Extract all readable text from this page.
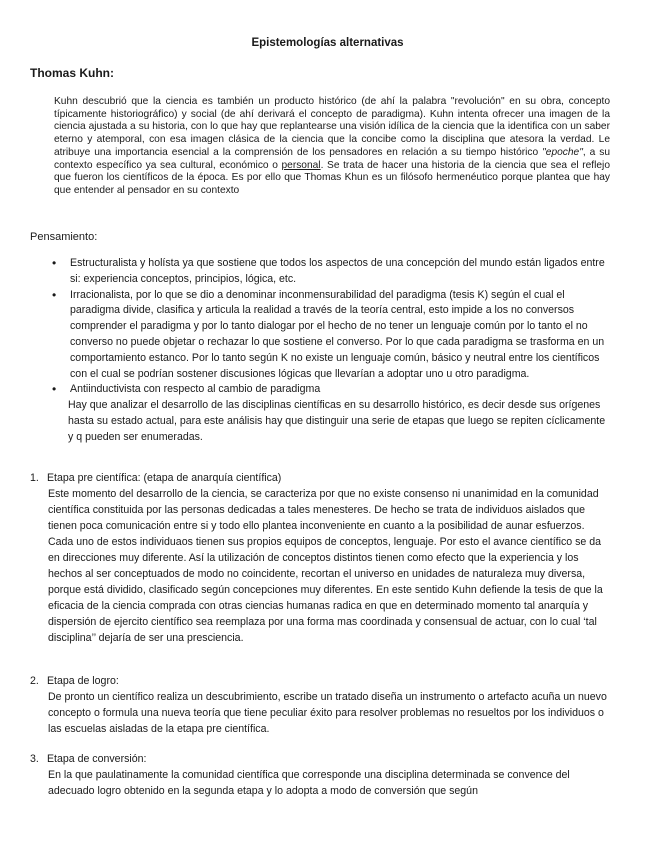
Epistemologías alternativas
Thomas Kuhn:
Kuhn descubrió que la ciencia es también un producto histórico (de ahí la palabra "revolución" en su obra, concepto típicamente historiográfico) y social (de ahí derivará el concepto de paradigma). Kuhn intenta ofrecer una imagen de la ciencia ajustada a su historia, con lo que hay que replantearse una visión idílica de la ciencia que la identifica con un saber eterno y atemporal, con esa imagen clásica de la ciencia que la concibe como la disciplina que atesora la verdad. Le atribuye una importancia esencial a la comprensión de los pensadores en relación a su tiempo histórico "epoche", a su contexto específico ya sea cultural, económico o personal. Se trata de hacer una historia de la ciencia que sea el reflejo que fueron los científicos de la época. Es por ello que Thomas Khun es un filósofo hermenéutico porque plantea que hay que entender al pensador en su contexto
Pensamiento:
• Estructuralista y holísta ya que sostiene que todos los aspectos de una concepción del mundo están ligados entre si: experiencia conceptos, principios, lógica, etc.
• Irracionalista, por lo que se dio a denominar inconmensurabilidad del paradigma (tesis K) según el cual el paradigma divide, clasifica y articula la realidad a través de la teoría central, esto impide a los no conversos comprender el paradigma y por lo tanto dialogar por el hecho de no tener un lenguaje común por lo tanto el no converso no puede objetar o rechazar lo que sostiene el converso. Por lo que cada paradigma se trasforma en un comportamiento estanco. Por lo tanto según K no existe un lenguaje común, básico y neutral entre los científicos con el cual se podrían sostener discusiones lógicas que llevarían a adoptar uno u otro paradigma.
• Antiinductivista con respecto al cambio de paradigma
Hay que analizar el desarrollo de las disciplinas científicas en su desarrollo histórico, es decir desde sus orígenes hasta su estado actual, para este análisis hay que distinguir una serie de etapas que luego se repiten cíclicamente y q pueden ser enumeradas.
1. Etapa pre científica: (etapa de anarquía científica)
Este momento del desarrollo de la ciencia, se caracteriza por que no existe consenso ni unanimidad en la comunidad científica constituida por las personas dedicadas a tales menesteres. De hecho se trata de individuos aislados que tienen poca comunicación entre si y todo ello plantea inconveniente en cuanto a la posibilidad de aunar esfuerzos. Cada uno de estos individuaos tienen sus propios equipos de conceptos, lenguaje. Por esto el avance científico se da en direcciones muy diferente. Así la utilización de conceptos distintos tienen como efecto que la experiencia y los hechos al ser conceptuados de modo no coincidente, recortan el universo en unidades de naturaleza muy diversa, porque está dividido, clasificado según concepciones muy diferentes. En este sentido Kuhn defiende la tesis de que la eficacia de la ciencia comprada con otras ciencias humanas radica en que en determinado momento tal anarquía y dispersión de ejercito científico sea reemplaza por una forma mas coordinada y consensual de actuar, con lo cual ‘tal disciplina’’ dejaría de ser una presciencia.
2. Etapa de logro:
De pronto un científico realiza un descubrimiento, escribe un tratado diseña un instrumento o artefacto acuña un nuevo concepto o formula una nueva teoría que tiene peculiar éxito para resolver problemas no resueltos por los individuos o las escuelas aisladas de la etapa pre científica.
3. Etapa de conversión:
En la que paulatinamente la comunidad científica que corresponde una disciplina determinada se convence del adecuado logro obtenido en la segunda etapa y lo adopta a modo de conversión que según
